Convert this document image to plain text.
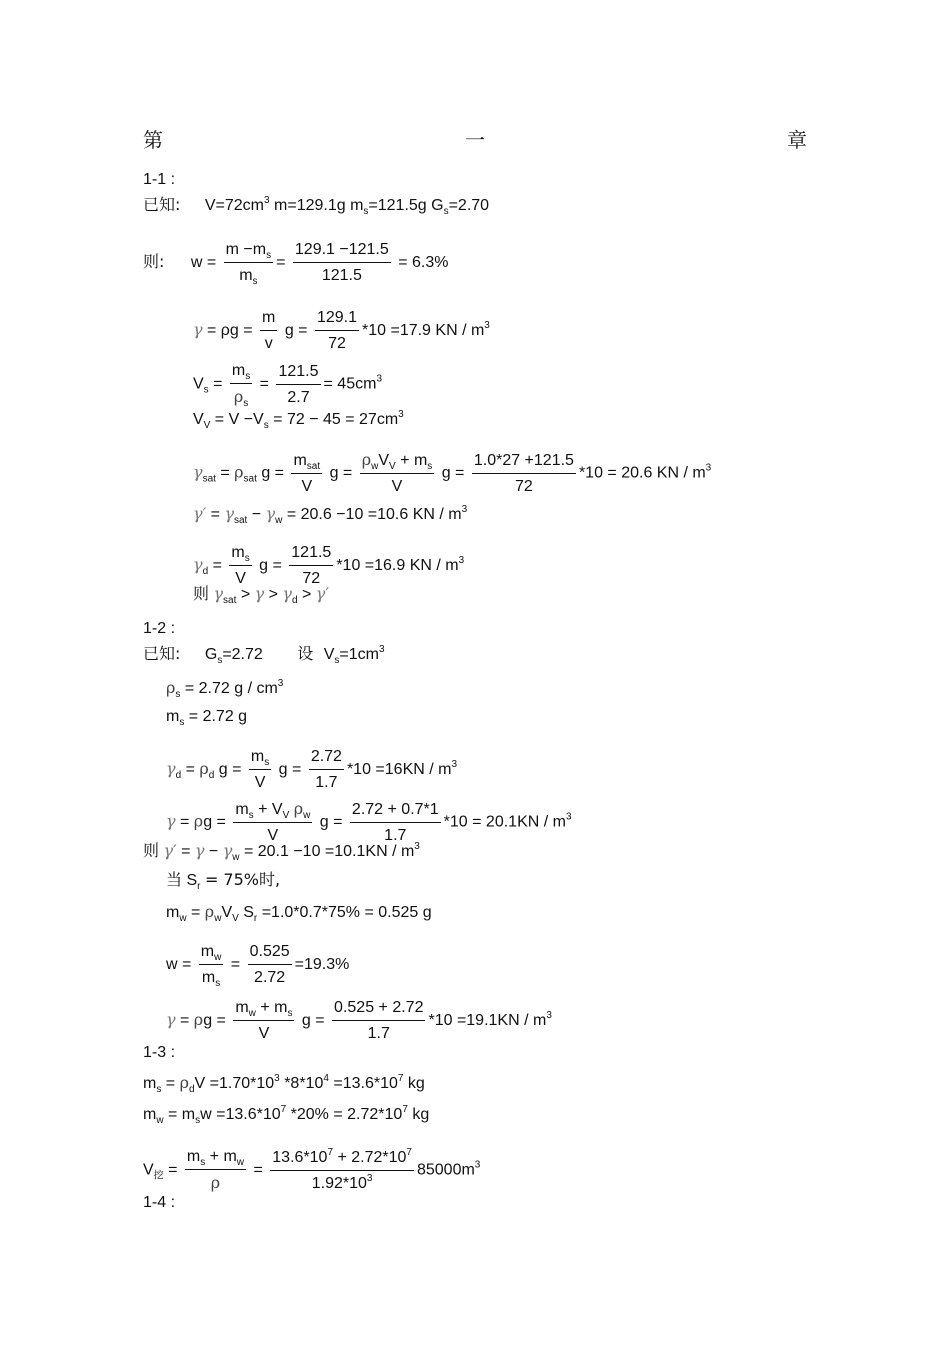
第	一	章
1-1 :
已知: $V=72cm^3$ m=129.1g $m_s=121.5g$ $G_s=2.70$
则: $w = \frac{m -m_s}{m_s} = \frac{129.1 -121.5}{121.5} = 6.3\%$
$\gamma = \rho g = \frac{m}{v}$ $g = \frac{129.1}{72} *10 =17.9$ KN / $m^3$
$V_s = \frac{m_s}{\rho_s} = \frac{121.5}{2.7} = 45cm^3$
$V_V = V -V_s = 72 - 45 = 27cm^3$
$\gamma_{sat} = \rho_{sat}$ g =
$m_{sat}$
V
g =
$\rho_wV_V + m_s$
V
$g = \frac{1.0*27 +121.5}{72} *10 = 20.6$ KN / $m^3$
$\gamma' = \gamma_{sat} - \gamma_w = 20.6 -10 =10.6$ KN / $m^3$
$\gamma_d = \frac{m_s}{V}$ $g = \frac{121.5}{72} *10 =16.9$ KN / $m^3$
则 $\gamma_{sat} > \gamma > \gamma_d > \gamma'$
1-2 :
已知: $G_s=2.72$ 设 $V_s=1cm^3$
$\rho_s = 2.72$ g / $cm^3$
$m_s = 2.72$ g
$\gamma_d = \rho_d$ $g = \frac{m_s}{V}$ $g = \frac{2.72}{1.7} *10 =16KN / m^3$
$\gamma = \rho g = \frac{m_s + V_V \rho_w}{V}$ $g = \frac{2.72 + 0.7*1}{1.7} *10 = 20.1KN / m^3$
则 $\gamma' = \gamma - \gamma_w = 20.1 -10 =10.1KN / m^3$
当 $S_r = 75\%$时,
$m_w = \rho_wV_V$ $S_r =1.0*0.7*75\% = 0.525$ g
$w = \frac{m_w}{m_s} = \frac{0.525}{2.72} =19.3\%$
$\gamma = \rho g = \frac{m_w + m_s}{V}$ $g = \frac{0.525 + 2.72}{1.7} *10 =19.1KN / m^3$
1-3 :
$m_s = \rho_dV =1.70*10^3$ $*8*10^4 =13.6*10^7$ kg
$m_w = m_sw =13.6*10^7$ $*20\% = 2.72*10^7$ kg
$V_挖 = \frac{m_s + m_w}{\rho} = \frac{13.6*10^7 + 2.72*10^7}{1.92*10^3} 85000m^3$
1-4 :
